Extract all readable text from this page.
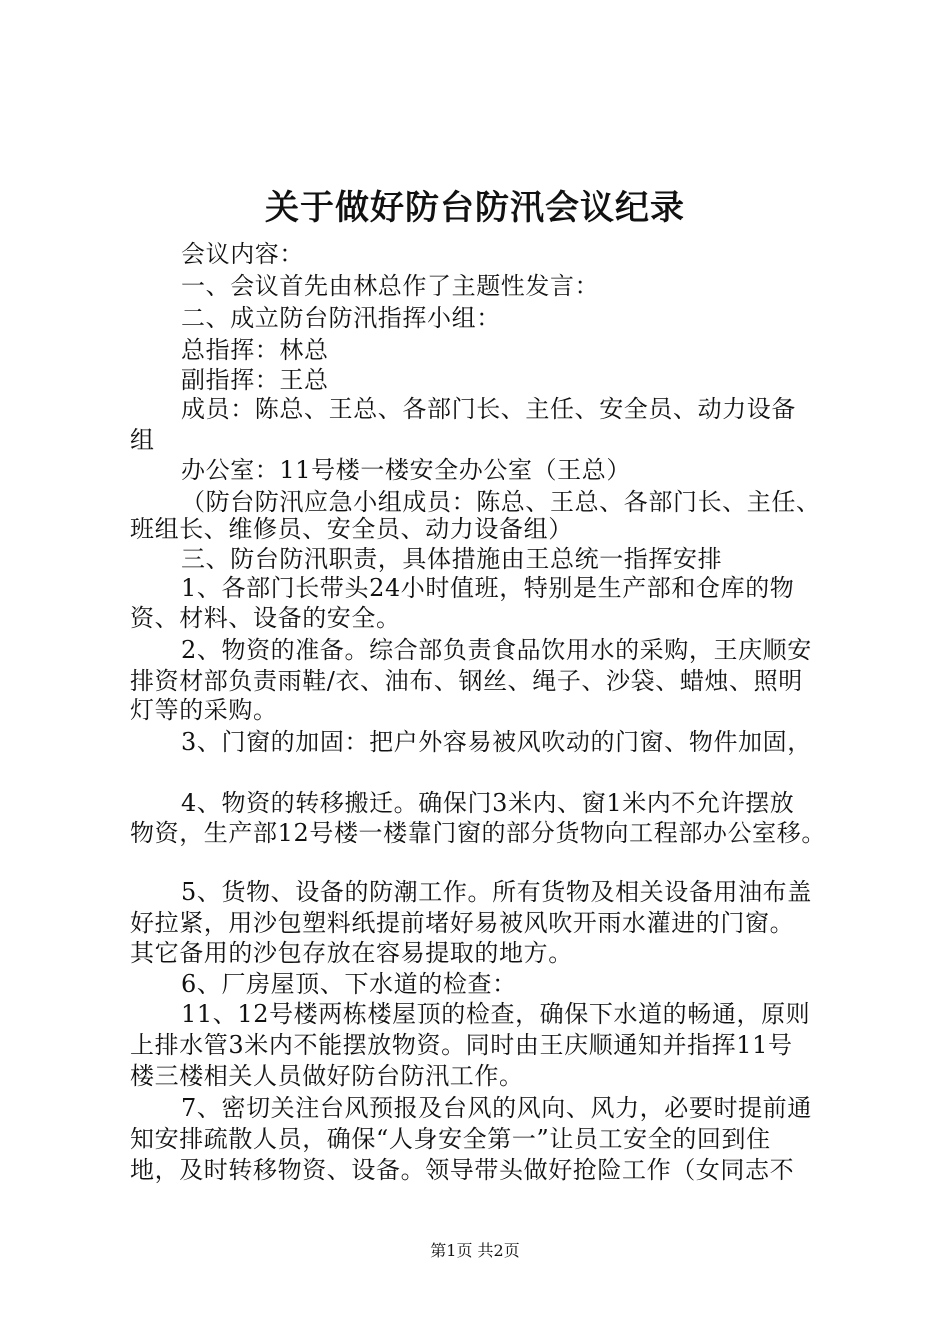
关于做好防台防汛会议纪录
会议内容：
一、会议首先由林总作了主题性发言：
二、成立防台防汛指挥小组：
总指挥：林总
副指挥：王总
成员：陈总、王总、各部门长、主任、安全员、动力设备
组
办公室：11号楼一楼安全办公室（王总）
（防台防汛应急小组成员：陈总、王总、各部门长、主任、
班组长、维修员、安全员、动力设备组）
三、防台防汛职责，具体措施由王总统一指挥安排
1、各部门长带头24小时值班，特别是生产部和仓库的物
资、材料、设备的安全。
2、物资的准备。综合部负责食品饮用水的采购，王庆顺安
排资材部负责雨鞋/衣、油布、钢丝、绳子、沙袋、蜡烛、照明
灯等的采购。
3、门窗的加固：把户外容易被风吹动的门窗、物件加固，
4、物资的转移搬迁。确保门3米内、窗1米内不允许摆放
物资，生产部12号楼一楼靠门窗的部分货物向工程部办公室移。
5、货物、设备的防潮工作。所有货物及相关设备用油布盖
好拉紧，用沙包塑料纸提前堵好易被风吹开雨水灌进的门窗。
其它备用的沙包存放在容易提取的地方。
6、厂房屋顶、下水道的检查：
11、12号楼两栋楼屋顶的检查，确保下水道的畅通，原则
上排水管3米内不能摆放物资。同时由王庆顺通知并指挥11号
楼三楼相关人员做好防台防汛工作。
7、密切关注台风预报及台风的风向、风力，必要时提前通
知安排疏散人员，确保“人身安全第一”让员工安全的回到住
地，及时转移物资、设备。领导带头做好抢险工作（女同志不
第1页 共2页
